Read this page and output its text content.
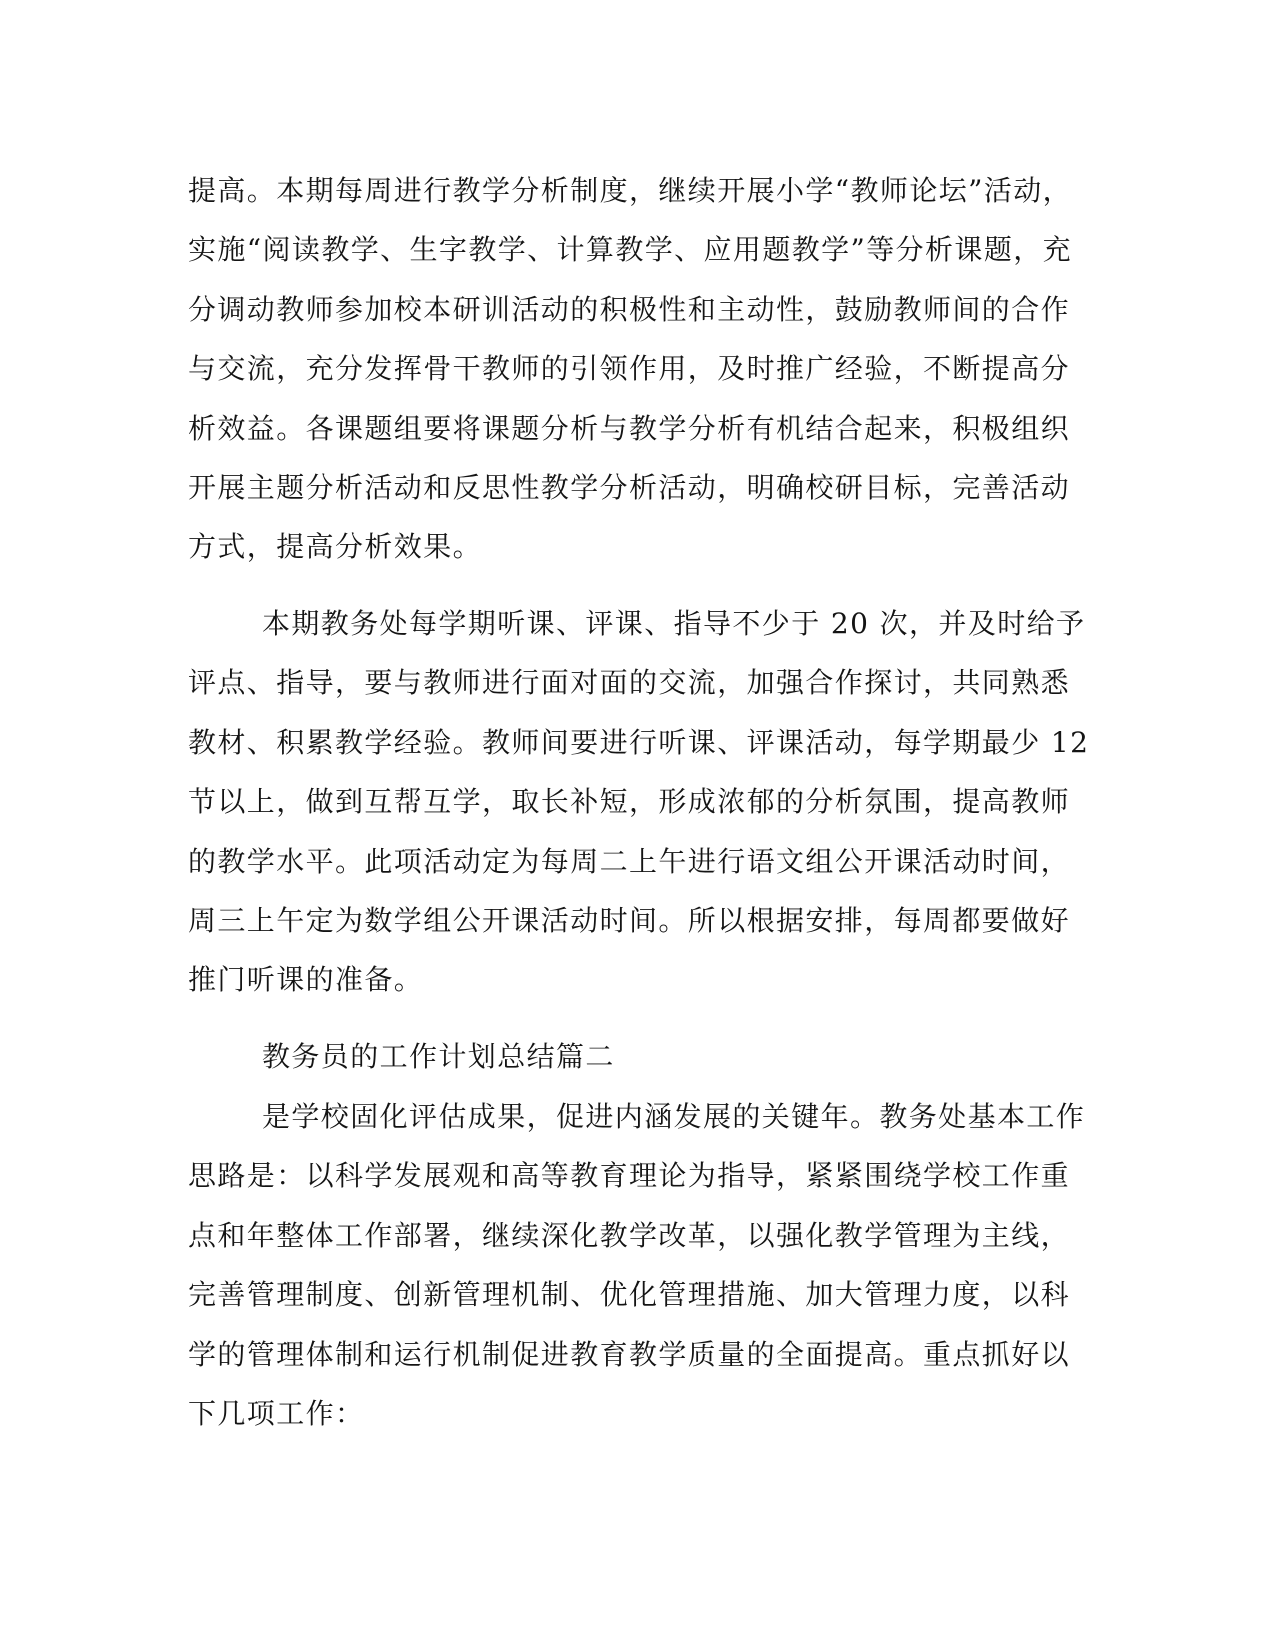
提高。本期每周进行教学分析制度，继续开展小学“教师论坛”活动，
实施“阅读教学、生字教学、计算教学、应用题教学”等分析课题，充
分调动教师参加校本研训活动的积极性和主动性，鼓励教师间的合作
与交流，充分发挥骨干教师的引领作用，及时推广经验，不断提高分
析效益。各课题组要将课题分析与教学分析有机结合起来，积极组织
开展主题分析活动和反思性教学分析活动，明确校研目标，完善活动
方式，提高分析效果。

本期教务处每学期听课、评课、指导不少于 20 次，并及时给予
评点、指导，要与教师进行面对面的交流，加强合作探讨，共同熟悉
教材、积累教学经验。教师间要进行听课、评课活动，每学期最少 12
节以上，做到互帮互学，取长补短，形成浓郁的分析氛围，提高教师
的教学水平。此项活动定为每周二上午进行语文组公开课活动时间，
周三上午定为数学组公开课活动时间。所以根据安排，每周都要做好
推门听课的准备。

教务员的工作计划总结篇二

是学校固化评估成果，促进内涵发展的关键年。教务处基本工作
思路是：以科学发展观和高等教育理论为指导，紧紧围绕学校工作重
点和年整体工作部署，继续深化教学改革，以强化教学管理为主线，
完善管理制度、创新管理机制、优化管理措施、加大管理力度，以科
学的管理体制和运行机制促进教育教学质量的全面提高。重点抓好以
下几项工作：
